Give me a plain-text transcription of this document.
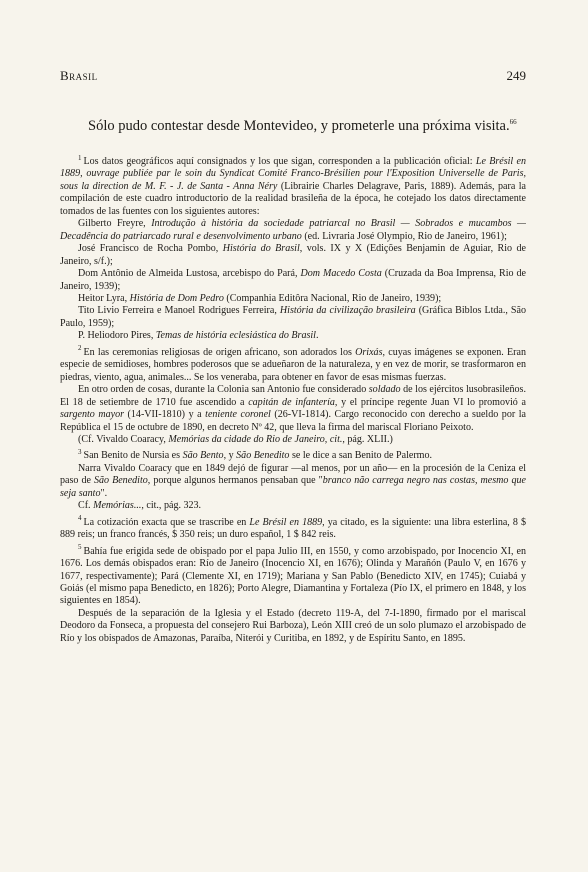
Brasil	249

Sólo pudo contestar desde Montevideo, y prometerle una próxima visita.$^{66}$

$^1$ Los datos geográficos aquí consignados y los que sigan, corresponden a la publicación oficial: Le Brésil en 1889, ouvrage publiée par le soin du Syndicat Comité Franco-Brésilien pour l'Exposition Universelle de Paris, sous la direction de M. F. - J. de Santa - Anna Néry (Librairie Charles Delagrave, Paris, 1889). Además, para la compilación de este cuadro introductorio de la realidad brasileña de la época, he cotejado los datos directamente tomados de las fuentes con los siguientes autores:

Gilberto Freyre, Introdução à história da sociedade patriarcal no Brasil — Sobrados e mucambos — Decadência do patriarcado rural e desenvolvimento urbano (ed. Livraria José Olympio, Rio de Janeiro, 1961);

José Francisco de Rocha Pombo, História do Brasil, vols. IX y X (Edições Benjamin de Aguiar, Rio de Janeiro, s/f.);

Dom Antônio de Almeida Lustosa, arcebispo do Pará, Dom Macedo Costa (Cruzada da Boa Imprensa, Rio de Janeiro, 1939);

Heitor Lyra, História de Dom Pedro (Companhia Editôra Nacional, Rio de Janeiro, 1939);

Tito Livio Ferreira e Manoel Rodrigues Ferreira, História da civilização brasileira (Gráfica Biblos Ltda., São Paulo, 1959);

P. Heliodoro Pires, Temas de história eclesiástica do Brasil.

$^2$ En las ceremonias religiosas de origen africano, son adorados los Orixás, cuyas imágenes se exponen. Eran especie de semidioses, hombres poderosos que se adueñaron de la naturaleza, y en vez de morir, se trasformaron en piedras, viento, agua, animales... Se los veneraba, para obtener en favor de esas mismas fuerzas.

En otro orden de cosas, durante la Colonia san Antonio fue considerado soldado de los ejércitos lusobrasileños. El 18 de setiembre de 1710 fue ascendido a capitán de infantería, y el príncipe regente Juan VI lo promovió a sargento mayor (14-VII-1810) y a teniente coronel (26-VI-1814). Cargo reconocido con derecho a sueldo por la República el 15 de octubre de 1890, en decreto Nº 42, que lleva la firma del mariscal Floriano Peixoto.

(Cf. Vivaldo Coaracy, Memórias da cidade do Rio de Janeiro, cit., pág. XLII.)

$^3$ San Benito de Nursia es São Bento, y São Benedito se le dice a san Benito de Palermo.

Narra Vivaldo Coaracy que en 1849 dejó de figurar —al menos, por un año— en la procesión de la Ceniza el paso de São Benedito, porque algunos hermanos pensaban que "branco não carrega negro nas costas, mesmo que seja santo".

Cf. Memórias..., cit., pág. 323.

$^4$ La cotización exacta que se trascribe en Le Brésil en 1889, ya citado, es la siguiente: una libra esterlina, 8 $ 889 reis; un franco francés, $ 350 reis; un duro español, 1 $ 842 reis.

$^5$ Bahía fue erigida sede de obispado por el papa Julio III, en 1550, y como arzobispado, por Inocencio XI, en 1676. Los demás obispados eran: Río de Janeiro (Inocencio XI, en 1676); Olinda y Marañón (Paulo V, en 1676 y 1677, respectivamente); Pará (Clemente XI, en 1719); Mariana y San Pablo (Benedicto XIV, en 1745); Cuiabá y Goiás (el mismo papa Benedicto, en 1826); Porto Alegre, Diamantina y Fortaleza (Pío IX, el primero en 1848, y los siguientes en 1854).

Después de la separación de la Iglesia y el Estado (decreto 119-A, del 7-I-1890, firmado por el mariscal Deodoro da Fonseca, a propuesta del consejero Rui Barboza), León XIII creó de un solo plumazo el arzobispado de Río y los obispados de Amazonas, Paraíba, Niterói y Curitiba, en 1892, y de Espíritu Santo, en 1895.
